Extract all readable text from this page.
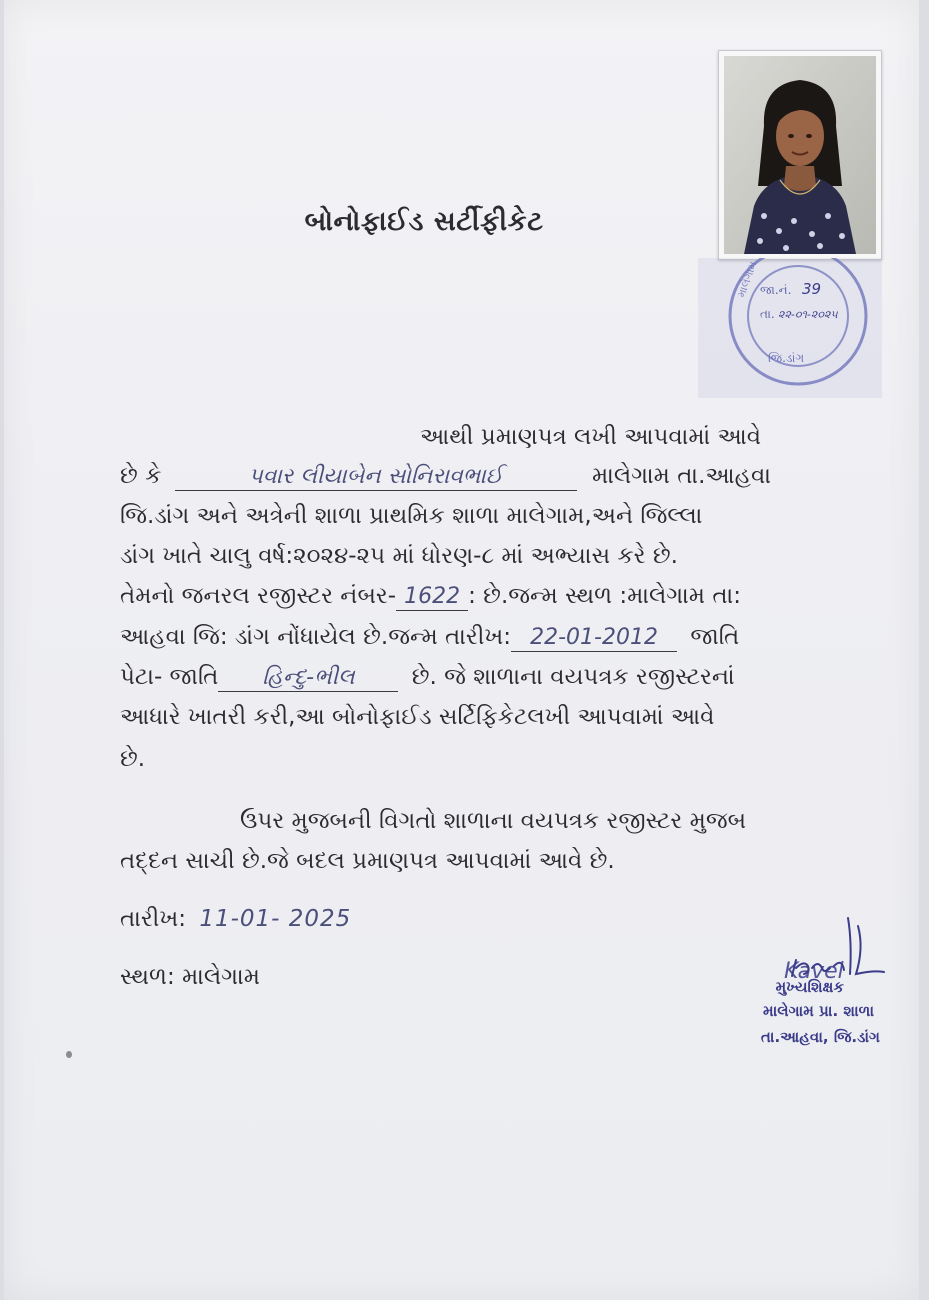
માલેગામ જા.નં. 39
તા. ૨૨-૦૧-૨૦૨૫
જિ.ડાંગ
બોનોફાઈડ સર્ટીફીકેટ
આથી પ્રમાણપત્ર લખી આપવામાં આવે
છે કે	પવાર લીયાબેન સોનિરાવભાઈ	માલેગામ તા.આહવા
જિ.ડાંગ અને અત્રેની શાળા પ્રાથમિક શાળા માલેગામ,અને જિલ્લા
ડાંગ ખાતે ચાલુ વર્ષ:૨૦૨૪-૨૫ માં ધોરણ-૮ માં અભ્યાસ કરે છે.
તેમનો જનરલ રજીસ્ટર નંબર- 1622 : છે.જન્મ સ્થળ :માલેગામ તા:
આહવા જિ: ડાંગ નોંધાયેલ છે.જન્મ તારીખ: 22-01-2012 જાતિ
પેટા- જાતિ હિન્દુ-ભીલ છે. જે શાળાના વયપત્રક રજીસ્ટરનાં
આધારે ખાતરી કરી,આ બોનોફાઈડ સર્ટિફિકેટલખી આપવામાં આવે
છે.
ઉપર મુજબની વિગતો શાળાના વયપત્રક રજીસ્ટર મુજબ
તદ્દન સાચી છે.જે બદલ પ્રમાણપત્ર આપવામાં આવે છે.
તારીખ: 11-01- 2025
સ્થળ: માલેગામ	Kavel
મુખ્યશિક્ષક
માલેગામ પ્રા. શાળા
તા.આહવા, જિ.ડાંગ
